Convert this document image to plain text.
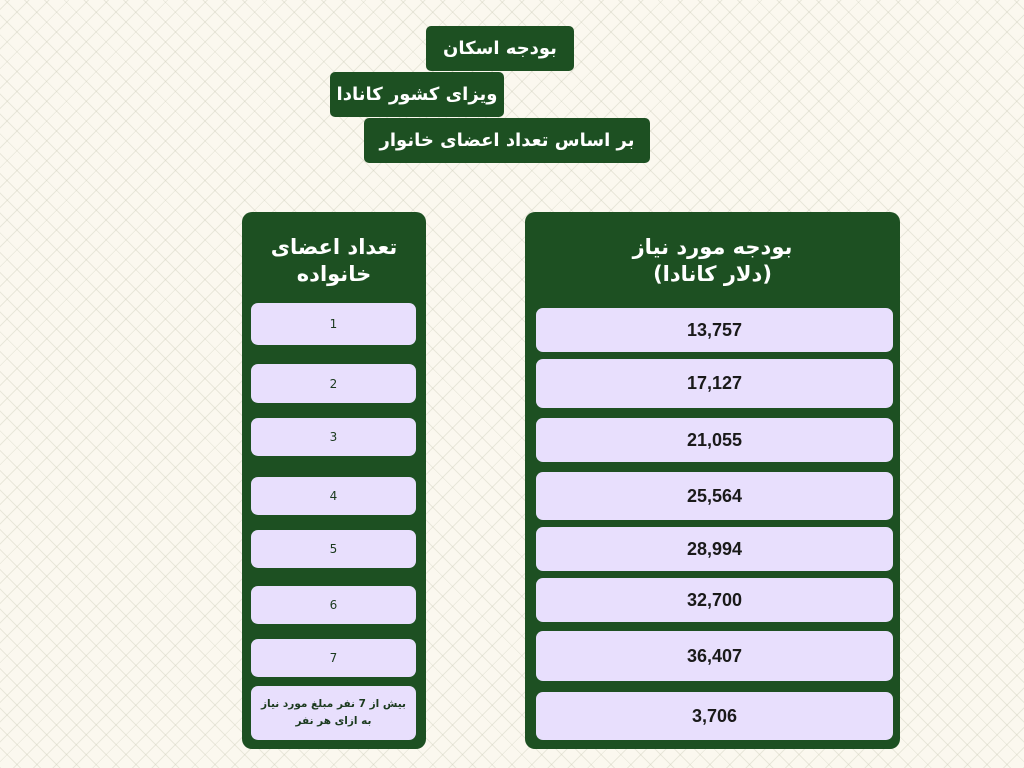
بودجه اسکان
ویزای کشور کانادا
بر اساس تعداد اعضای خانوار
تعداد اعضای
خانواده
1
2
3
4
5
6
7
بیش از 7 نفر مبلغ مورد نیاز
به ازای هر نفر
بودجه مورد نیاز
(دلار کانادا)
13,757
17,127
21,055
25,564
28,994
32,700
36,407
3,706
